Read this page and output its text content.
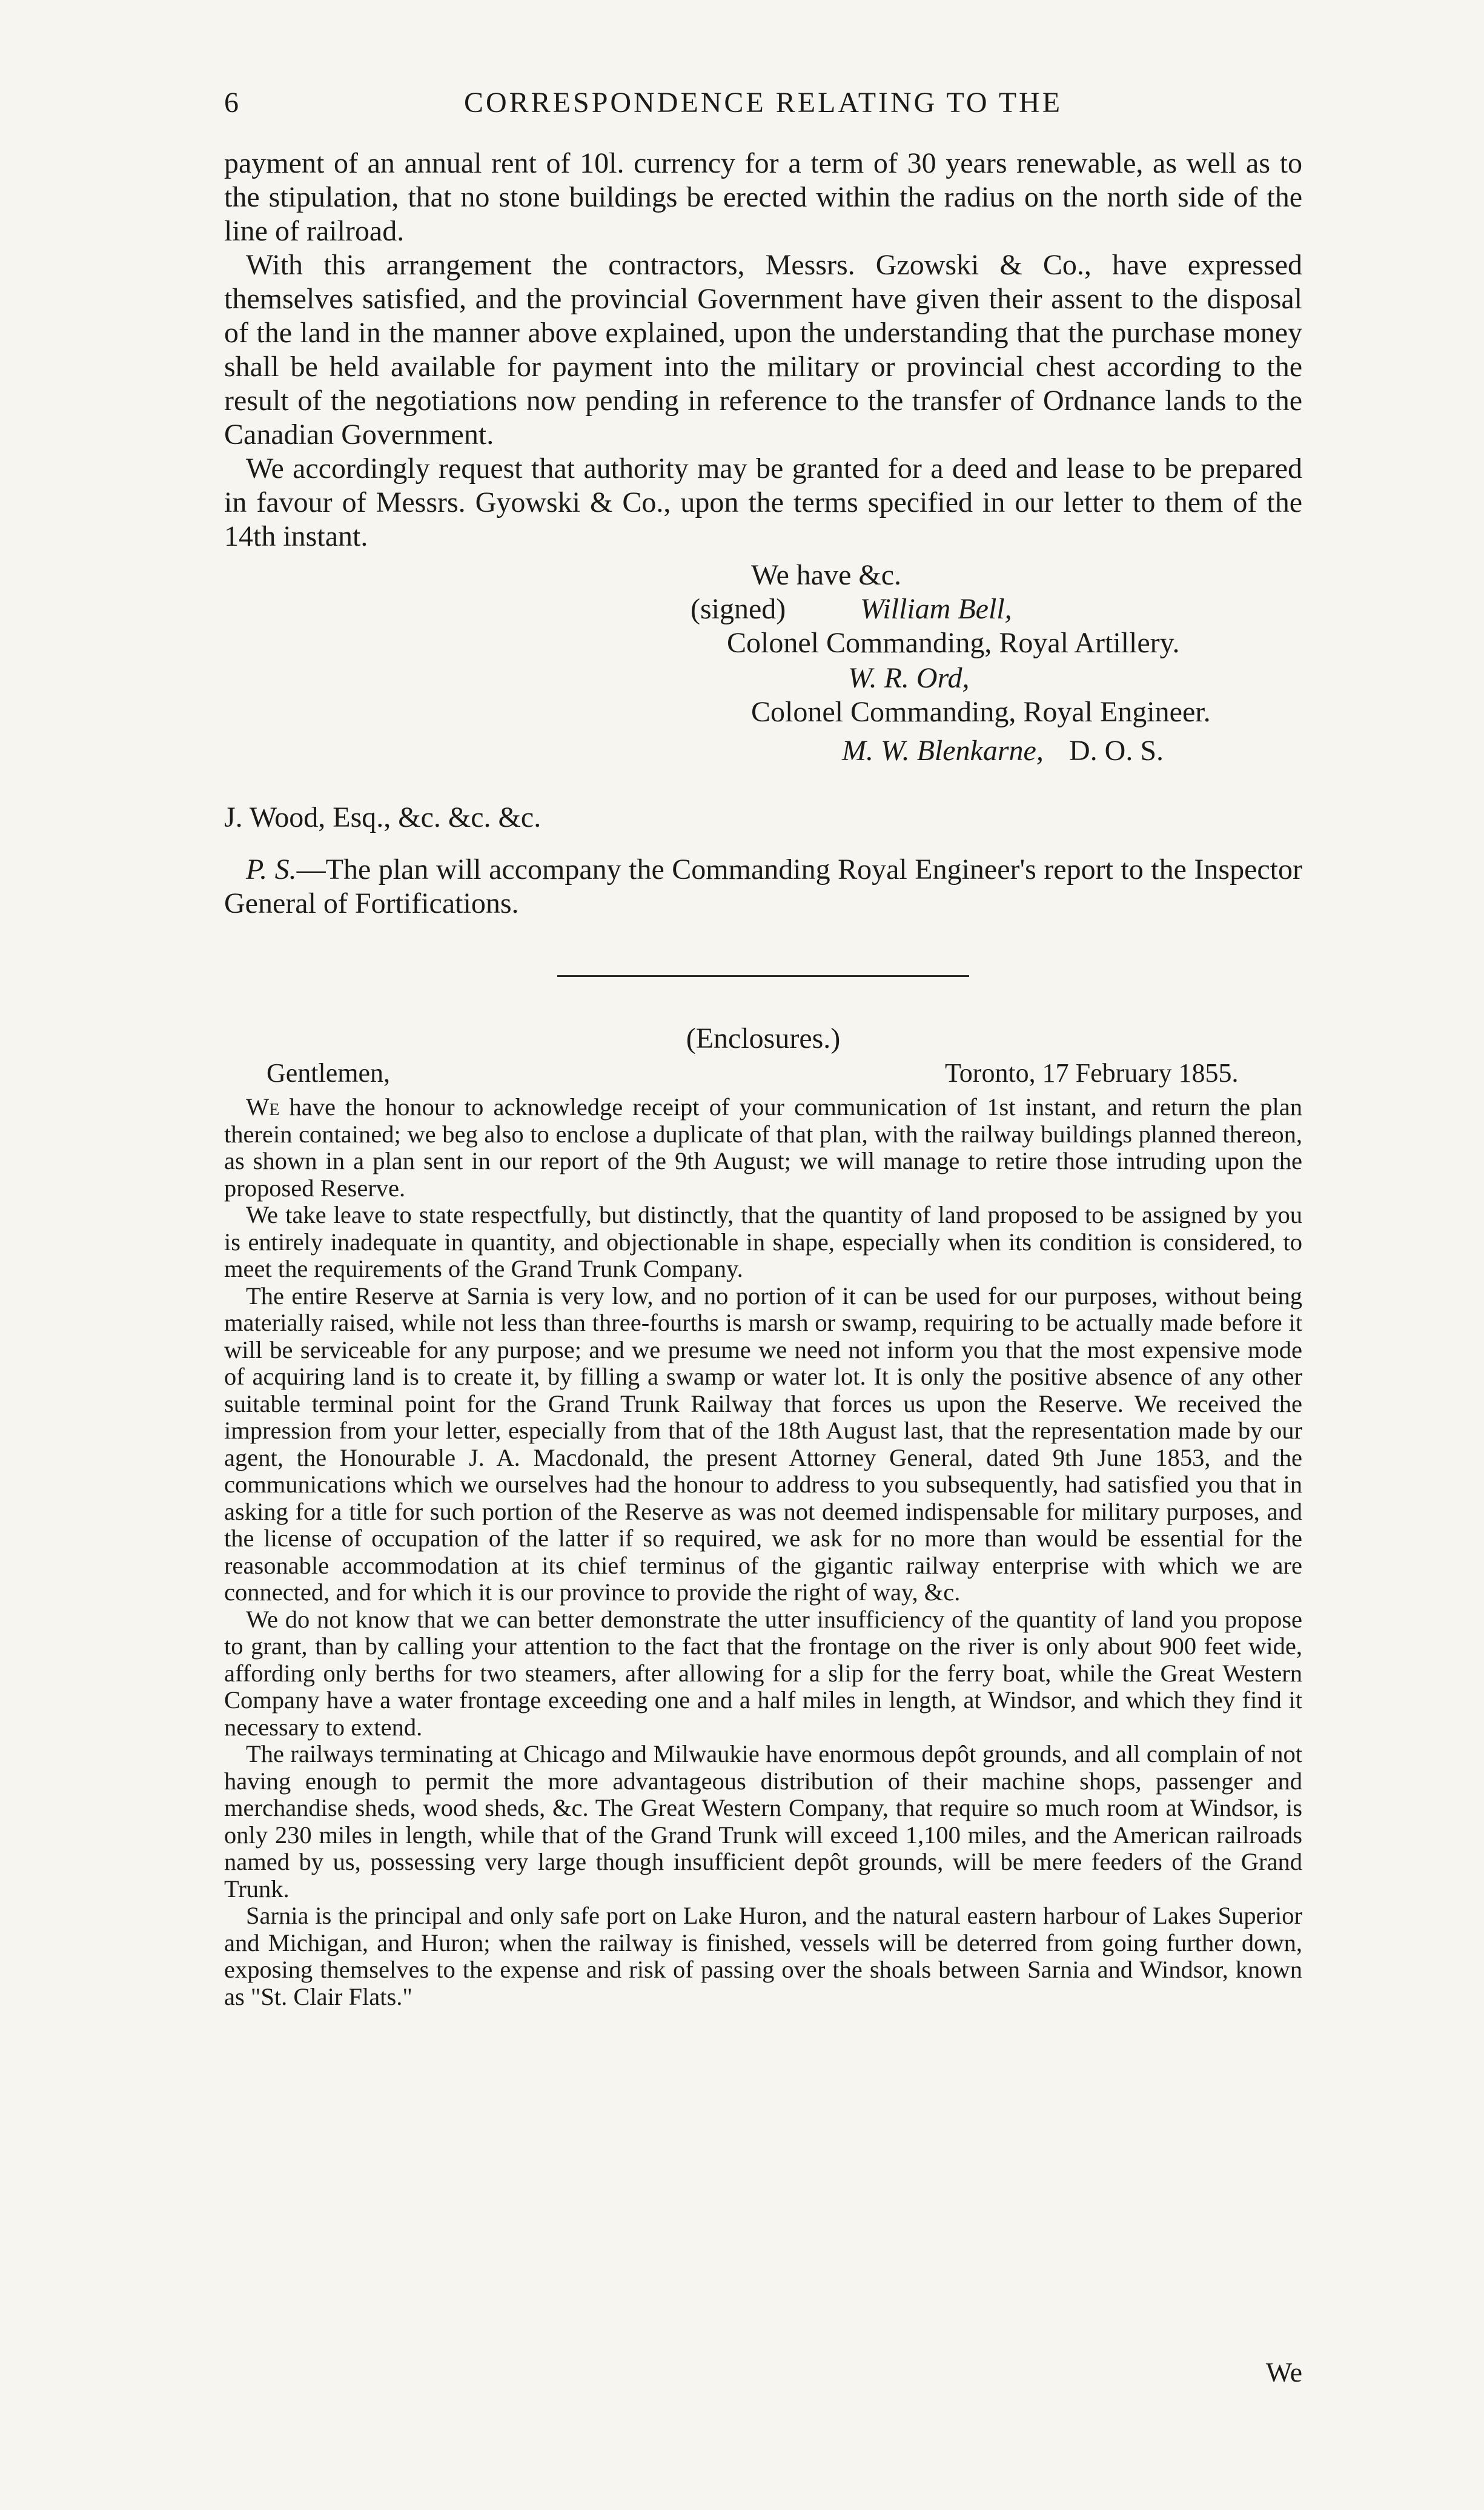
6	CORRESPONDENCE RELATING TO THE

payment of an annual rent of 10l. currency for a term of 30 years renewable, as well as to the stipulation, that no stone buildings be erected within the radius on the north side of the line of railroad.

With this arrangement the contractors, Messrs. Gzowski & Co., have expressed themselves satisfied, and the provincial Government have given their assent to the disposal of the land in the manner above explained, upon the understanding that the purchase money shall be held available for payment into the military or provincial chest according to the result of the negotiations now pending in reference to the transfer of Ordnance lands to the Canadian Government.

We accordingly request that authority may be granted for a deed and lease to be prepared in favour of Messrs. Gyowski & Co., upon the terms specified in our letter to them of the 14th instant.

We have &c.
(signed)	William Bell,
Colonel Commanding, Royal Artillery.
W. R. Ord,
Colonel Commanding, Royal Engineer.
M. W. Blenkarne, D. O. S.
J. Wood, Esq., &c. &c. &c.

P. S.—The plan will accompany the Commanding Royal Engineer's report to the Inspector General of Fortifications.

(Enclosures.)
Gentlemen,	Toronto, 17 February 1855.

We have the honour to acknowledge receipt of your communication of 1st instant, and return the plan therein contained; we beg also to enclose a duplicate of that plan, with the railway buildings planned thereon, as shown in a plan sent in our report of the 9th August; we will manage to retire those intruding upon the proposed Reserve.

We take leave to state respectfully, but distinctly, that the quantity of land proposed to be assigned by you is entirely inadequate in quantity, and objectionable in shape, especially when its condition is considered, to meet the requirements of the Grand Trunk Company.

The entire Reserve at Sarnia is very low, and no portion of it can be used for our purposes, without being materially raised, while not less than three-fourths is marsh or swamp, requiring to be actually made before it will be serviceable for any purpose; and we presume we need not inform you that the most expensive mode of acquiring land is to create it, by filling a swamp or water lot. It is only the positive absence of any other suitable terminal point for the Grand Trunk Railway that forces us upon the Reserve. We received the impression from your letter, especially from that of the 18th August last, that the representation made by our agent, the Honourable J. A. Macdonald, the present Attorney General, dated 9th June 1853, and the communications which we ourselves had the honour to address to you subsequently, had satisfied you that in asking for a title for such portion of the Reserve as was not deemed indispensable for military purposes, and the license of occupation of the latter if so required, we ask for no more than would be essential for the reasonable accommodation at its chief terminus of the gigantic railway enterprise with which we are connected, and for which it is our province to provide the right of way, &c.

We do not know that we can better demonstrate the utter insufficiency of the quantity of land you propose to grant, than by calling your attention to the fact that the frontage on the river is only about 900 feet wide, affording only berths for two steamers, after allowing for a slip for the ferry boat, while the Great Western Company have a water frontage exceeding one and a half miles in length, at Windsor, and which they find it necessary to extend.

The railways terminating at Chicago and Milwaukie have enormous depôt grounds, and all complain of not having enough to permit the more advantageous distribution of their machine shops, passenger and merchandise sheds, wood sheds, &c. The Great Western Company, that require so much room at Windsor, is only 230 miles in length, while that of the Grand Trunk will exceed 1,100 miles, and the American railroads named by us, possessing very large though insufficient depôt grounds, will be mere feeders of the Grand Trunk.

Sarnia is the principal and only safe port on Lake Huron, and the natural eastern harbour of Lakes Superior and Michigan, and Huron; when the railway is finished, vessels will be deterred from going further down, exposing themselves to the expense and risk of passing over the shoals between Sarnia and Windsor, known as "St. Clair Flats."

We
